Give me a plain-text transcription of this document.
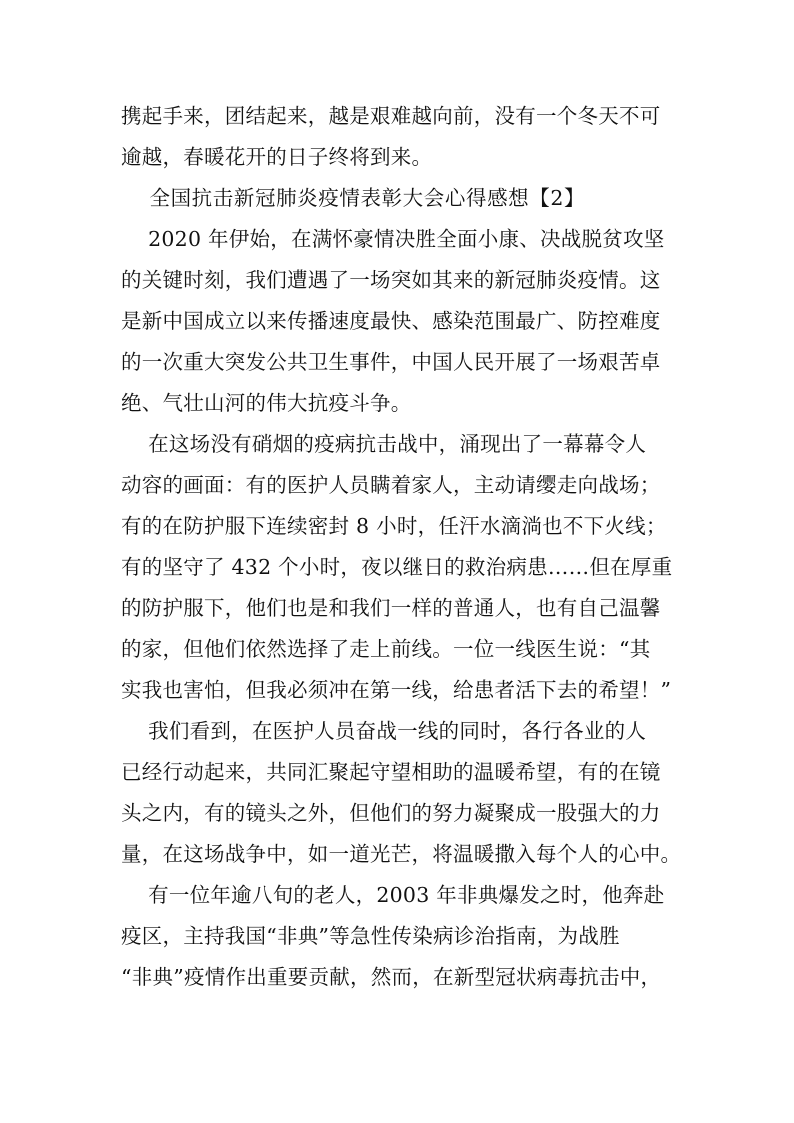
携起手来，团结起来，越是艰难越向前，没有一个冬天不可
逾越，春暖花开的日子终将到来。
全国抗击新冠肺炎疫情表彰大会心得感想【2】
2020 年伊始，在满怀豪情决胜全面小康、决战脱贫攻坚
的关键时刻，我们遭遇了一场突如其来的新冠肺炎疫情。这
是新中国成立以来传播速度最快、感染范围最广、防控难度
的一次重大突发公共卫生事件，中国人民开展了一场艰苦卓
绝、气壮山河的伟大抗疫斗争。
在这场没有硝烟的疫病抗击战中，涌现出了一幕幕令人
动容的画面：有的医护人员瞒着家人，主动请缨走向战场；
有的在防护服下连续密封 8 小时，任汗水滴淌也不下火线；
有的坚守了 432 个小时，夜以继日的救治病患……但在厚重
的防护服下，他们也是和我们一样的普通人，也有自己温馨
的家，但他们依然选择了走上前线。一位一线医生说：“其
实我也害怕，但我必须冲在第一线，给患者活下去的希望！”
我们看到，在医护人员奋战一线的同时，各行各业的人
已经行动起来，共同汇聚起守望相助的温暖希望，有的在镜
头之内，有的镜头之外，但他们的努力凝聚成一股强大的力
量，在这场战争中，如一道光芒，将温暖撒入每个人的心中。
有一位年逾八旬的老人，2003 年非典爆发之时，他奔赴
疫区，主持我国“非典”等急性传染病诊治指南，为战胜
“非典”疫情作出重要贡献，然而，在新型冠状病毒抗击中，
